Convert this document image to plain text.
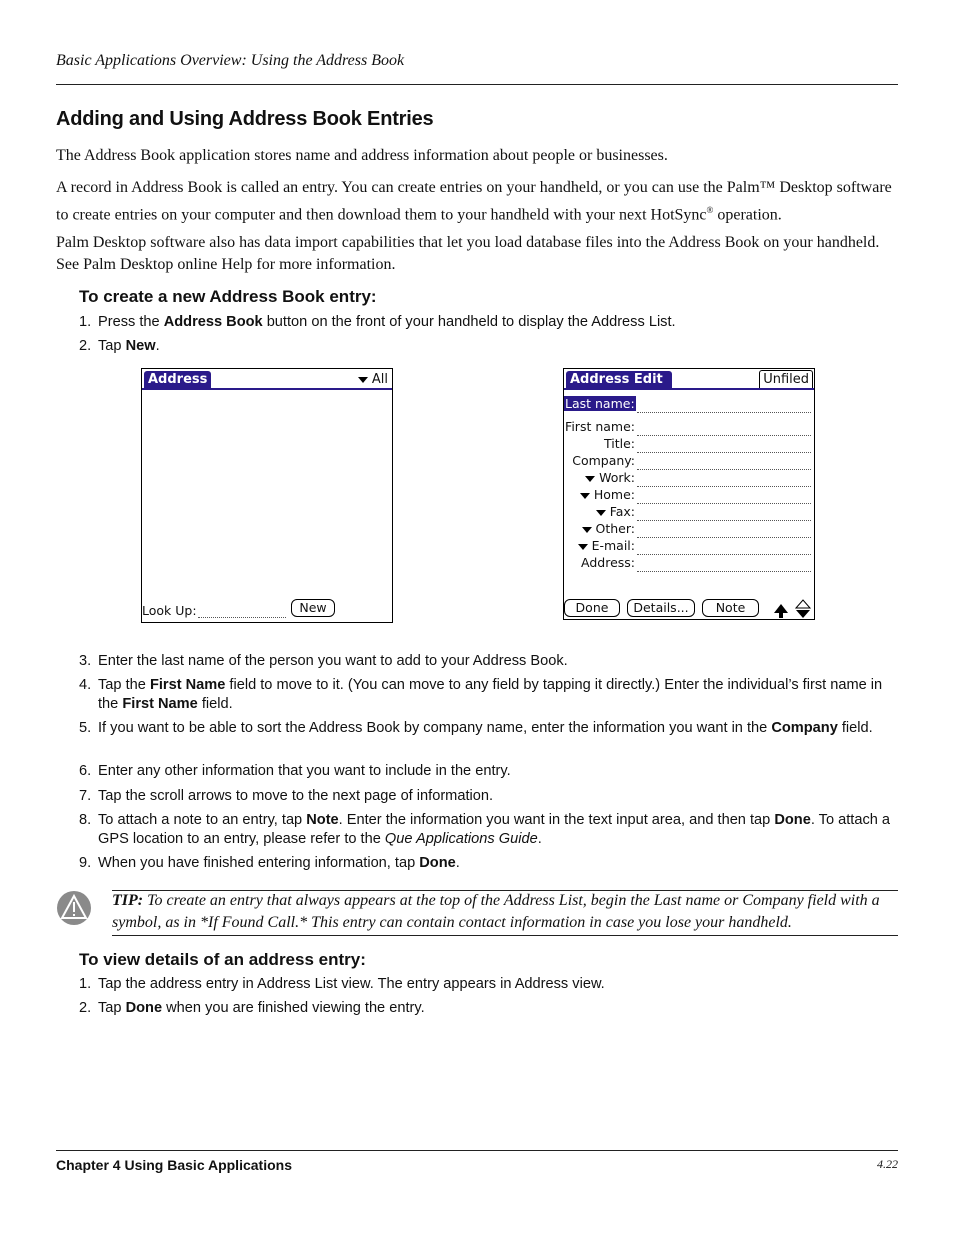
Basic Applications Overview: Using the Address Book
Adding and Using Address Book Entries
The Address Book application stores name and address information about people or businesses.
A record in Address Book is called an entry. You can create entries on your handheld, or you can use the Palm™ Desktop software to create entries on your computer and then download them to your handheld with your next HotSync® operation.
Palm Desktop software also has data import capabilities that let you load database files into the Address Book on your handheld. See Palm Desktop online Help for more information.
To create a new Address Book entry:
1. Press the Address Book button on the front of your handheld to display the Address List.
2. Tap New.
Address	All
Look Up:	New
Address Edit	Unfiled
Last name:
First name:
Title:
Company:
Work:
Home:
Fax:
Other:
E-mail:
Address:
Done	Details...	Note
3. Enter the last name of the person you want to add to your Address Book.
4. Tap the First Name field to move to it. (You can move to any field by tapping it directly.) Enter the individual’s first name in the First Name field.
5. If you want to be able to sort the Address Book by company name, enter the information you want in the Company field.
6. Enter any other information that you want to include in the entry.
7. Tap the scroll arrows to move to the next page of information.
8. To attach a note to an entry, tap Note. Enter the information you want in the text input area, and then tap Done. To attach a GPS location to an entry, please refer to the Que Applications Guide.
9. When you have finished entering information, tap Done.
TIP: To create an entry that always appears at the top of the Address List, begin the Last name or Company field with a symbol, as in *If Found Call.* This entry can contain contact information in case you lose your handheld.
To view details of an address entry:
1. Tap the address entry in Address List view. The entry appears in Address view.
2. Tap Done when you are finished viewing the entry.
Chapter 4 Using Basic Applications	4.22
